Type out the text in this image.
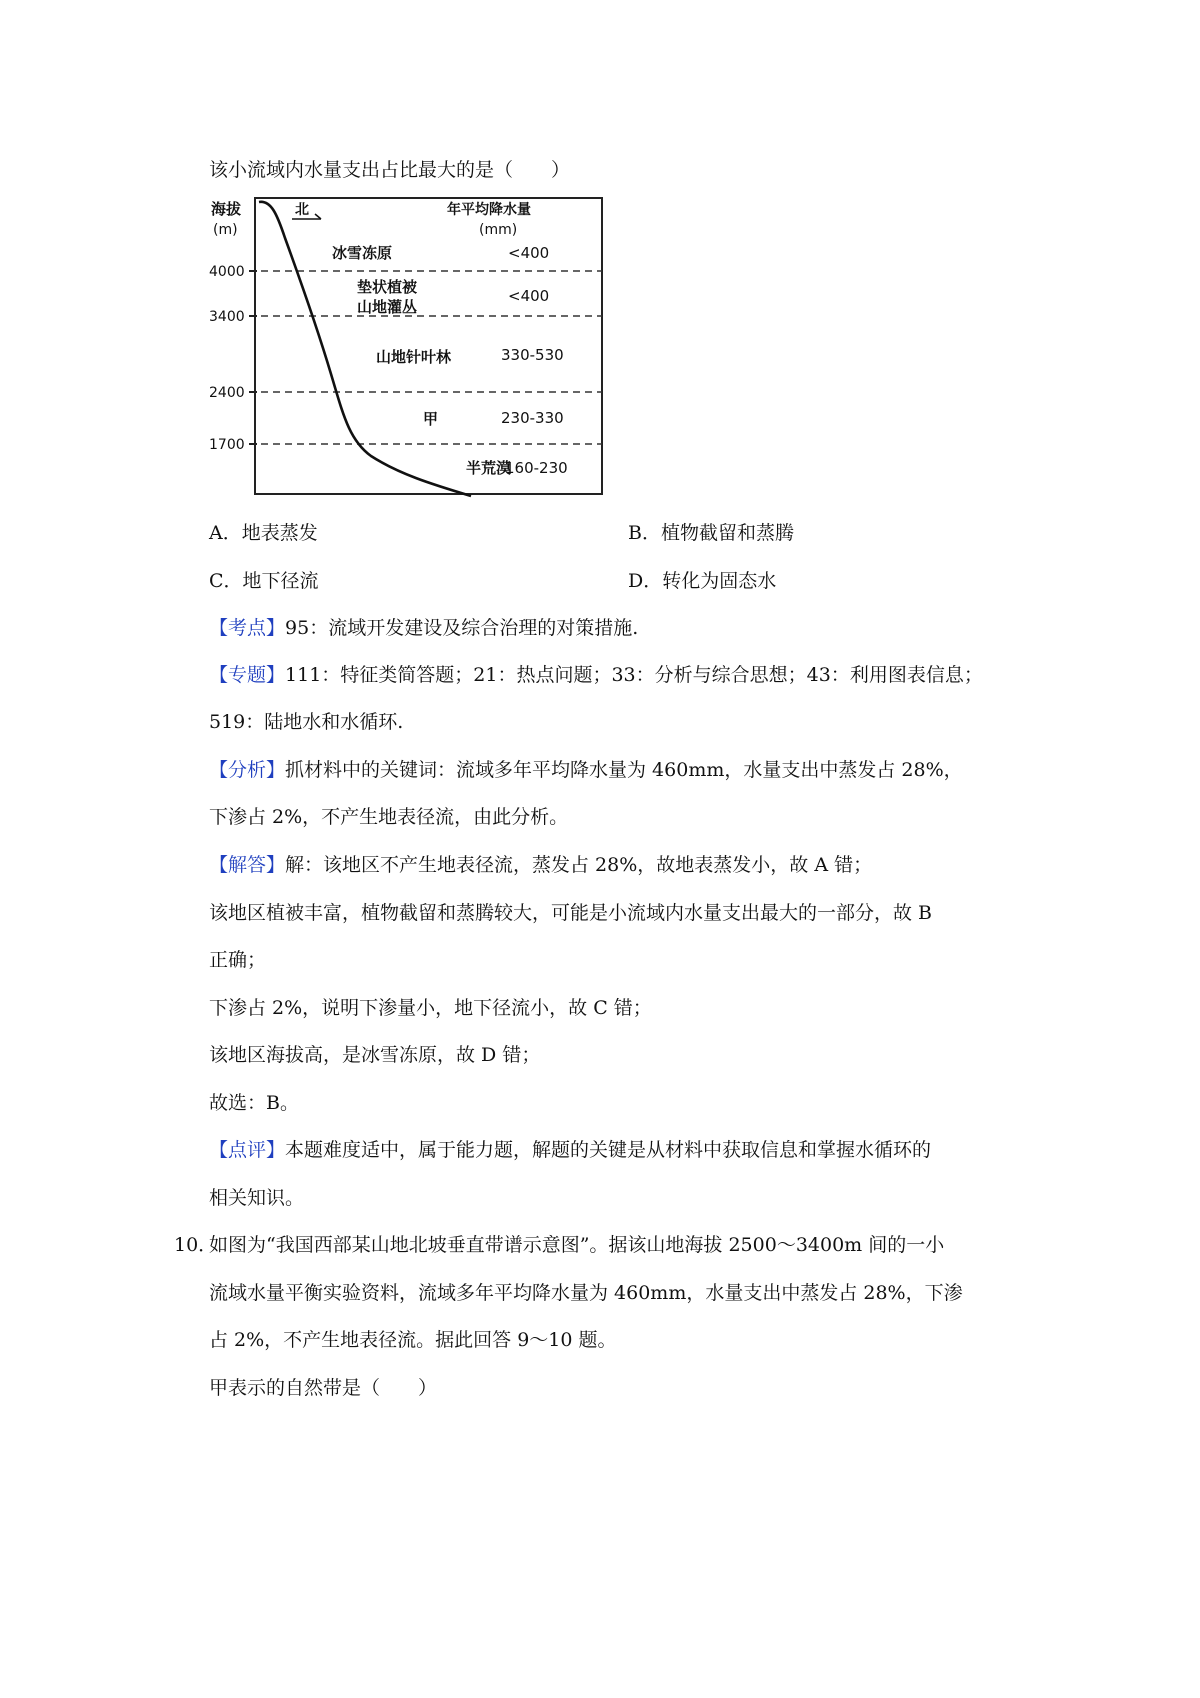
该小流域内水量支出占比最大的是（　　）
海拔
(m)
北	年平均降水量
(mm)
4000
3400
2400
1700
冰雪冻原
垫状植被
山地灌丛
山地针叶林
甲
半荒漠
<400
<400
330-530
230-330
160-230
A．地表蒸发	B．植物截留和蒸腾
C．地下径流	D．转化为固态水
【考点】95：流域开发建设及综合治理的对策措施.
【专题】111：特征类简答题；21：热点问题；33：分析与综合思想；43：利用图表信息；
519：陆地水和水循环.
【分析】抓材料中的关键词：流域多年平均降水量为 460mm，水量支出中蒸发占 28%，
下渗占 2%，不产生地表径流，由此分析。
【解答】解：该地区不产生地表径流，蒸发占 28%，故地表蒸发小，故 A 错；
该地区植被丰富，植物截留和蒸腾较大，可能是小流域内水量支出最大的一部分，故 B
正确；
下渗占 2%，说明下渗量小，地下径流小，故 C 错；
该地区海拔高，是冰雪冻原，故 D 错；
故选：B。
【点评】本题难度适中，属于能力题，解题的关键是从材料中获取信息和掌握水循环的
相关知识。
10．
如图为“我国西部某山地北坡垂直带谱示意图”。据该山地海拔 2500～3400m 间的一小
流域水量平衡实验资料，流域多年平均降水量为 460mm，水量支出中蒸发占 28%，下渗
占 2%，不产生地表径流。据此回答 9～10 题。
甲表示的自然带是（　　）
